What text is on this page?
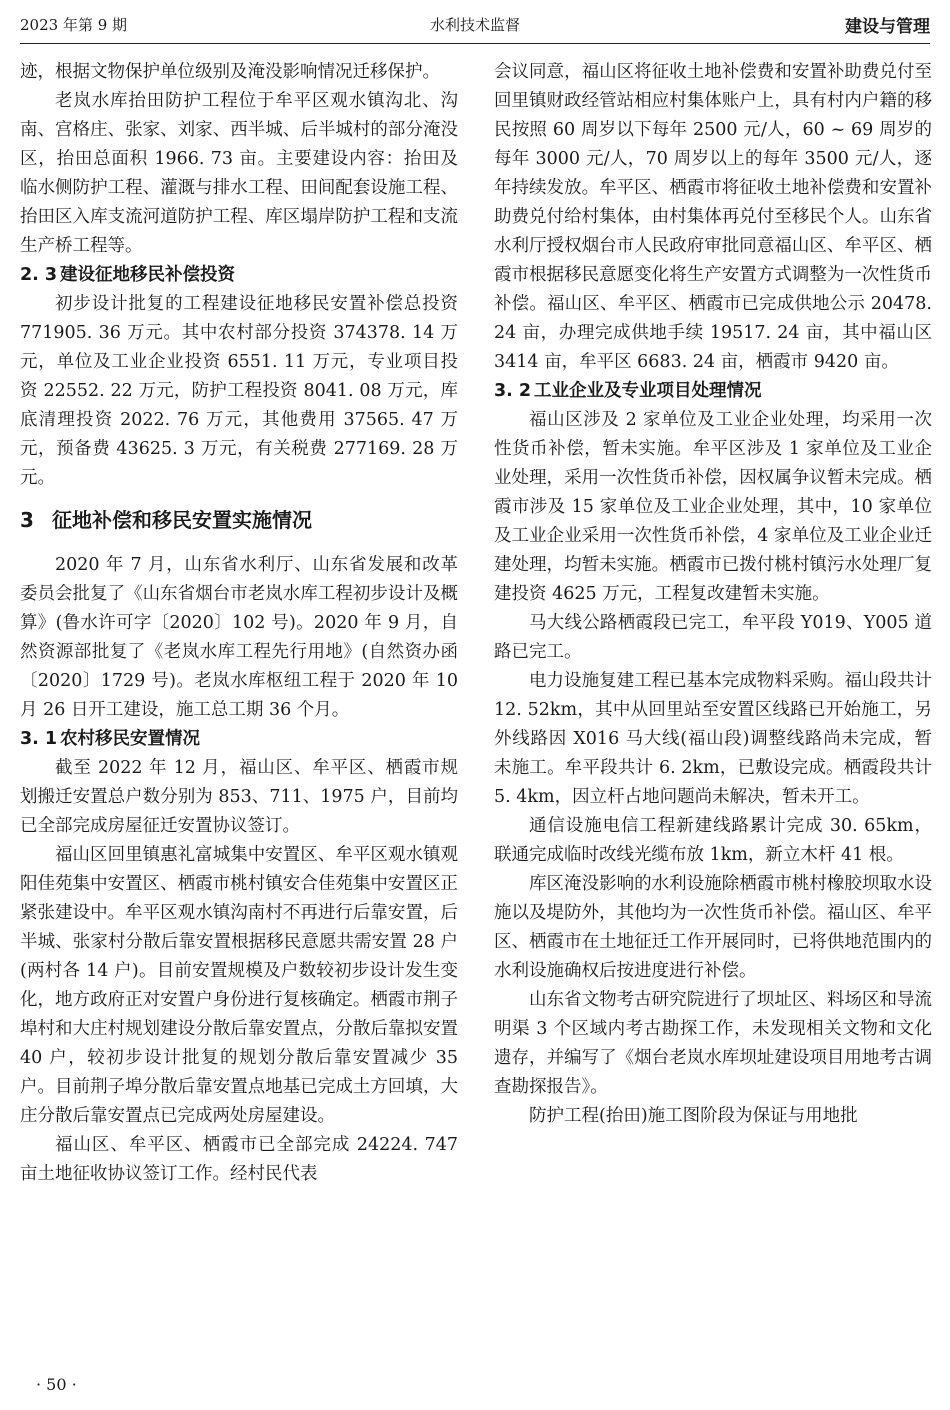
2023 年第 9 期	水利技术监督	建设与管理

迹，根据文物保护单位级别及淹没影响情况迁移保护。

老岚水库抬田防护工程位于牟平区观水镇沟北、沟南、宫格庄、张家、刘家、西半城、后半城村的部分淹没区，抬田总面积 1966. 73 亩。主要建设内容：抬田及临水侧防护工程、灌溉与排水工程、田间配套设施工程、抬田区入库支流河道防护工程、库区塌岸防护工程和支流生产桥工程等。

2. 3 建设征地移民补偿投资

初步设计批复的工程建设征地移民安置补偿总投资 771905. 36 万元。其中农村部分投资 374378. 14 万元，单位及工业企业投资 6551. 11 万元，专业项目投资 22552. 22 万元，防护工程投资 8041. 08 万元，库底清理投资 2022. 76 万元，其他费用 37565. 47 万元，预备费 43625. 3 万元，有关税费 277169. 28 万元。

3 征地补偿和移民安置实施情况

2020 年 7 月，山东省水利厅、山东省发展和改革委员会批复了《山东省烟台市老岚水库工程初步设计及概算》(鲁水许可字〔2020〕102 号)。2020 年 9 月，自然资源部批复了《老岚水库工程先行用地》(自然资办函〔2020〕1729 号)。老岚水库枢纽工程于 2020 年 10 月 26 日开工建设，施工总工期 36 个月。

3. 1 农村移民安置情况

截至 2022 年 12 月，福山区、牟平区、栖霞市规划搬迁安置总户数分别为 853、711、1975 户，目前均已全部完成房屋征迁安置协议签订。

福山区回里镇惠礼富城集中安置区、牟平区观水镇观阳佳苑集中安置区、栖霞市桃村镇安合佳苑集中安置区正紧张建设中。牟平区观水镇沟南村不再进行后靠安置，后半城、张家村分散后靠安置根据移民意愿共需安置 28 户(两村各 14 户)。目前安置规模及户数较初步设计发生变化，地方政府正对安置户身份进行复核确定。栖霞市荆子埠村和大庄村规划建设分散后靠安置点，分散后靠拟安置 40 户，较初步设计批复的规划分散后靠安置减少 35 户。目前荆子埠分散后靠安置点地基已完成土方回填，大庄分散后靠安置点已完成两处房屋建设。

福山区、牟平区、栖霞市已全部完成 24224. 747 亩土地征收协议签订工作。经村民代表

会议同意，福山区将征收土地补偿费和安置补助费兑付至回里镇财政经管站相应村集体账户上，具有村内户籍的移民按照 60 周岁以下每年 2500 元/人，60 ~ 69 周岁的每年 3000 元/人，70 周岁以上的每年 3500 元/人，逐年持续发放。牟平区、栖霞市将征收土地补偿费和安置补助费兑付给村集体，由村集体再兑付至移民个人。山东省水利厅授权烟台市人民政府审批同意福山区、牟平区、栖霞市根据移民意愿变化将生产安置方式调整为一次性货币补偿。福山区、牟平区、栖霞市已完成供地公示 20478. 24 亩，办理完成供地手续 19517. 24 亩，其中福山区 3414 亩，牟平区 6683. 24 亩，栖霞市 9420 亩。

3. 2 工业企业及专业项目处理情况

福山区涉及 2 家单位及工业企业处理，均采用一次性货币补偿，暂未实施。牟平区涉及 1 家单位及工业企业处理，采用一次性货币补偿，因权属争议暂未完成。栖霞市涉及 15 家单位及工业企业处理，其中，10 家单位及工业企业采用一次性货币补偿，4 家单位及工业企业迁建处理，均暂未实施。栖霞市已拨付桃村镇污水处理厂复建投资 4625 万元，工程复改建暂未实施。

马大线公路栖霞段已完工，牟平段 Y019、Y005 道路已完工。

电力设施复建工程已基本完成物料采购。福山段共计 12. 52km，其中从回里站至安置区线路已开始施工，另外线路因 X016 马大线(福山段)调整线路尚未完成，暂未施工。牟平段共计 6. 2km，已敷设完成。栖霞段共计 5. 4km，因立杆占地问题尚未解决，暂未开工。

通信设施电信工程新建线路累计完成 30. 65km，联通完成临时改线光缆布放 1km，新立木杆 41 根。

库区淹没影响的水利设施除栖霞市桃村橡胶坝取水设施以及堤防外，其他均为一次性货币补偿。福山区、牟平区、栖霞市在土地征迁工作开展同时，已将供地范围内的水利设施确权后按进度进行补偿。

山东省文物考古研究院进行了坝址区、料场区和导流明渠 3 个区域内考古勘探工作，未发现相关文物和文化遗存，并编写了《烟台老岚水库坝址建设项目用地考古调查勘探报告》。

防护工程(抬田)施工图阶段为保证与用地批

· 50 ·
